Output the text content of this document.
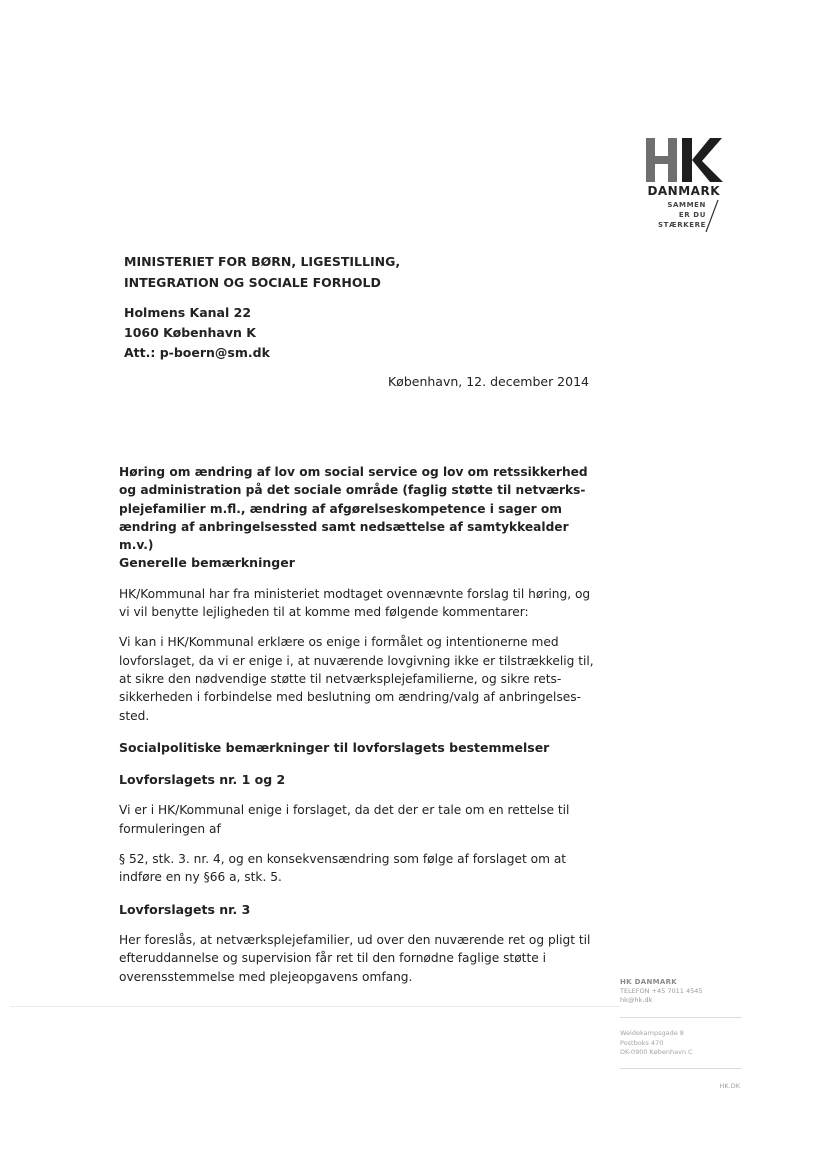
DANMARK
SAMMEN
ER DU
STÆRKERE
MINISTERIET FOR BØRN, LIGESTILLING,
INTEGRATION OG SOCIALE FORHOLD
Holmens Kanal 22
1060 København K
Att.: p-boern@sm.dk
København, 12. december 2014

Høring om ændring af lov om social service og lov om retssikkerhed og administration på det sociale område (faglig støtte til netværksplejefamilier m.fl., ændring af afgørelseskompetence i sager om ændring af anbringelsessted samt nedsættelse af samtykkealder m.v.)

Generelle bemærkninger

HK/Kommunal har fra ministeriet modtaget ovennævnte forslag til høring, og vi vil benytte lejligheden til at komme med følgende kommentarer:

Vi kan i HK/Kommunal erklære os enige i formålet og intentionerne med lovforslaget, da vi er enige i, at nuværende lovgivning ikke er tilstrækkelig til, at sikre den nødvendige støtte til netværksplejefamilierne, og sikre retssikkerheden i forbindelse med beslutning om ændring/valg af anbringelsessted.

Socialpolitiske bemærkninger til lovforslagets bestemmelser
Lovforslagets nr. 1 og 2

Vi er i HK/Kommunal enige i forslaget, da det der er tale om en rettelse til formuleringen af

§ 52, stk. 3. nr. 4, og en konsekvensændring som følge af forslaget om at indføre en ny §66 a, stk. 5.

Lovforslagets nr. 3

Her foreslås, at netværksplejefamilier, ud over den nuværende ret og pligt til efteruddannelse og supervision får ret til den fornødne faglige støtte i overensstemmelse med plejeopgavens omfang.	HK DANMARK
TELEFON +45 7011 4545
hk@hk.dk
Weidekampsgade 8
Postboks 470
DK-0900 København C
HK.DK
